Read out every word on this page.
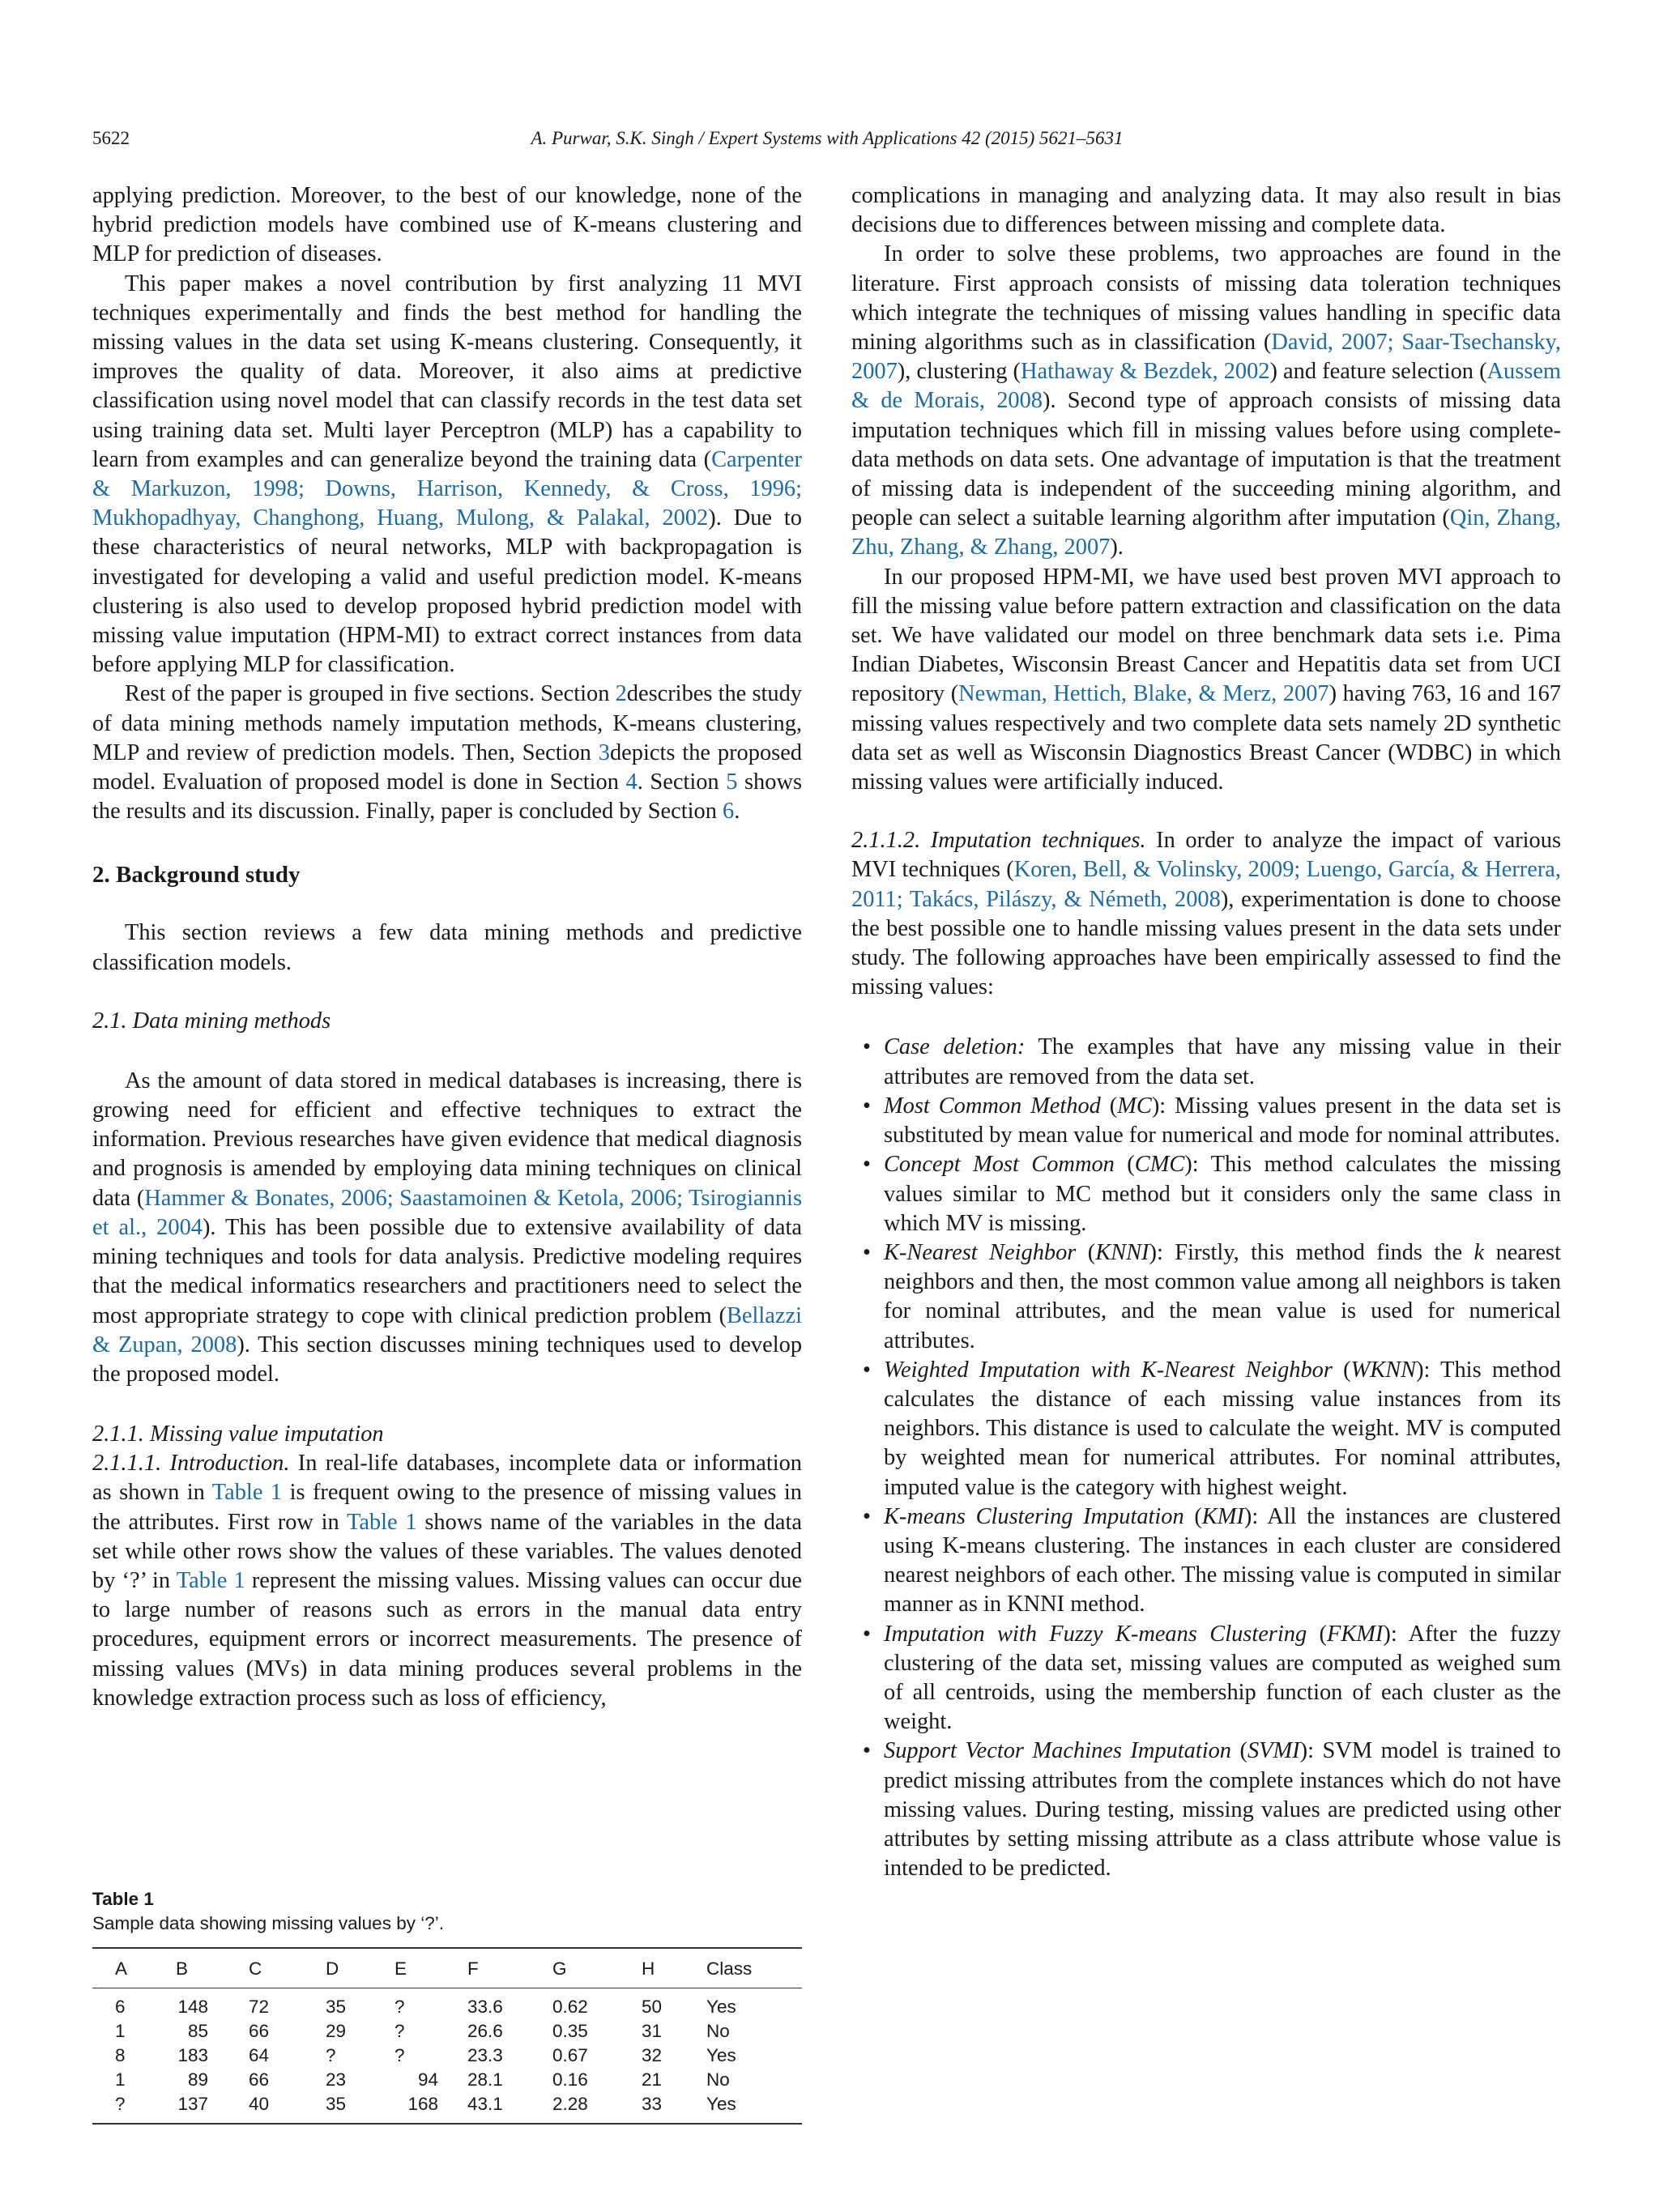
5622	A. Purwar, S.K. Singh / Expert Systems with Applications 42 (2015) 5621–5631

applying prediction. Moreover, to the best of our knowledge, none of the hybrid prediction models have combined use of K-means clustering and MLP for prediction of diseases.

This paper makes a novel contribution by first analyzing 11 MVI techniques experimentally and finds the best method for handling the missing values in the data set using K-means clustering. Consequently, it improves the quality of data. Moreover, it also aims at predictive classification using novel model that can classify records in the test data set using training data set. Multi layer Perceptron (MLP) has a capability to learn from examples and can generalize beyond the training data (Carpenter & Markuzon, 1998; Downs, Harrison, Kennedy, & Cross, 1996; Mukhopadhyay, Changhong, Huang, Mulong, & Palakal, 2002). Due to these characteristics of neural networks, MLP with backpropagation is investigated for developing a valid and useful prediction model. K-means clustering is also used to develop proposed hybrid prediction model with missing value imputation (HPM-MI) to extract correct instances from data before applying MLP for classification.

Rest of the paper is grouped in five sections. Section 2describes the study of data mining methods namely imputation methods, K-means clustering, MLP and review of prediction models. Then, Section 3depicts the proposed model. Evaluation of proposed model is done in Section 4. Section 5 shows the results and its discussion. Finally, paper is concluded by Section 6.

2. Background study

This section reviews a few data mining methods and predictive classification models.

2.1. Data mining methods

As the amount of data stored in medical databases is increasing, there is growing need for efficient and effective techniques to extract the information. Previous researches have given evidence that medical diagnosis and prognosis is amended by employing data mining techniques on clinical data (Hammer & Bonates, 2006; Saastamoinen & Ketola, 2006; Tsirogiannis et al., 2004). This has been possible due to extensive availability of data mining techniques and tools for data analysis. Predictive modeling requires that the medical informatics researchers and practitioners need to select the most appropriate strategy to cope with clinical prediction problem (Bellazzi & Zupan, 2008). This section discusses mining techniques used to develop the proposed model.

2.1.1. Missing value imputation

2.1.1.1. Introduction. In real-life databases, incomplete data or information as shown in Table 1 is frequent owing to the presence of missing values in the attributes. First row in Table 1 shows name of the variables in the data set while other rows show the values of these variables. The values denoted by ‘?’ in Table 1 represent the missing values. Missing values can occur due to large number of reasons such as errors in the manual data entry procedures, equipment errors or incorrect measurements. The presence of missing values (MVs) in data mining produces several problems in the knowledge extraction process such as loss of efficiency,

Table 1
Sample data showing missing values by ‘?’.
A	B	C	D	E	F	G	H	Class
6	148	72	35	?	33.6	0.62	50	Yes
1	85	66	29	?	26.6	0.35	31	No
8	183	64	?	?	23.3	0.67	32	Yes
1	89	66	23	94	28.1	0.16	21	No
?	137	40	35	168	43.1	2.28	33	Yes

complications in managing and analyzing data. It may also result in bias decisions due to differences between missing and complete data.

In order to solve these problems, two approaches are found in the literature. First approach consists of missing data toleration techniques which integrate the techniques of missing values handling in specific data mining algorithms such as in classification (David, 2007; Saar-Tsechansky, 2007), clustering (Hathaway & Bezdek, 2002) and feature selection (Aussem & de Morais, 2008). Second type of approach consists of missing data imputation techniques which fill in missing values before using complete-data methods on data sets. One advantage of imputation is that the treatment of missing data is independent of the succeeding mining algorithm, and people can select a suitable learning algorithm after imputation (Qin, Zhang, Zhu, Zhang, & Zhang, 2007).

In our proposed HPM-MI, we have used best proven MVI approach to fill the missing value before pattern extraction and classification on the data set. We have validated our model on three benchmark data sets i.e. Pima Indian Diabetes, Wisconsin Breast Cancer and Hepatitis data set from UCI repository (Newman, Hettich, Blake, & Merz, 2007) having 763, 16 and 167 missing values respectively and two complete data sets namely 2D synthetic data set as well as Wisconsin Diagnostics Breast Cancer (WDBC) in which missing values were artificially induced.

2.1.1.2. Imputation techniques. In order to analyze the impact of various MVI techniques (Koren, Bell, & Volinsky, 2009; Luengo, García, & Herrera, 2011; Takács, Pilászy, & Németh, 2008), experimentation is done to choose the best possible one to handle missing values present in the data sets under study. The following approaches have been empirically assessed to find the missing values:

• Case deletion: The examples that have any missing value in their attributes are removed from the data set.
• Most Common Method (MC): Missing values present in the data set is substituted by mean value for numerical and mode for nominal attributes.
• Concept Most Common (CMC): This method calculates the missing values similar to MC method but it considers only the same class in which MV is missing.
• K-Nearest Neighbor (KNNI): Firstly, this method finds the k nearest neighbors and then, the most common value among all neighbors is taken for nominal attributes, and the mean value is used for numerical attributes.
• Weighted Imputation with K-Nearest Neighbor (WKNN): This method calculates the distance of each missing value instances from its neighbors. This distance is used to calculate the weight. MV is computed by weighted mean for numerical attributes. For nominal attributes, imputed value is the category with highest weight.
• K-means Clustering Imputation (KMI): All the instances are clustered using K-means clustering. The instances in each cluster are considered nearest neighbors of each other. The missing value is computed in similar manner as in KNNI method.
• Imputation with Fuzzy K-means Clustering (FKMI): After the fuzzy clustering of the data set, missing values are computed as weighed sum of all centroids, using the membership function of each cluster as the weight.
• Support Vector Machines Imputation (SVMI): SVM model is trained to predict missing attributes from the complete instances which do not have missing values. During testing, missing values are predicted using other attributes by setting missing attribute as a class attribute whose value is intended to be predicted.
